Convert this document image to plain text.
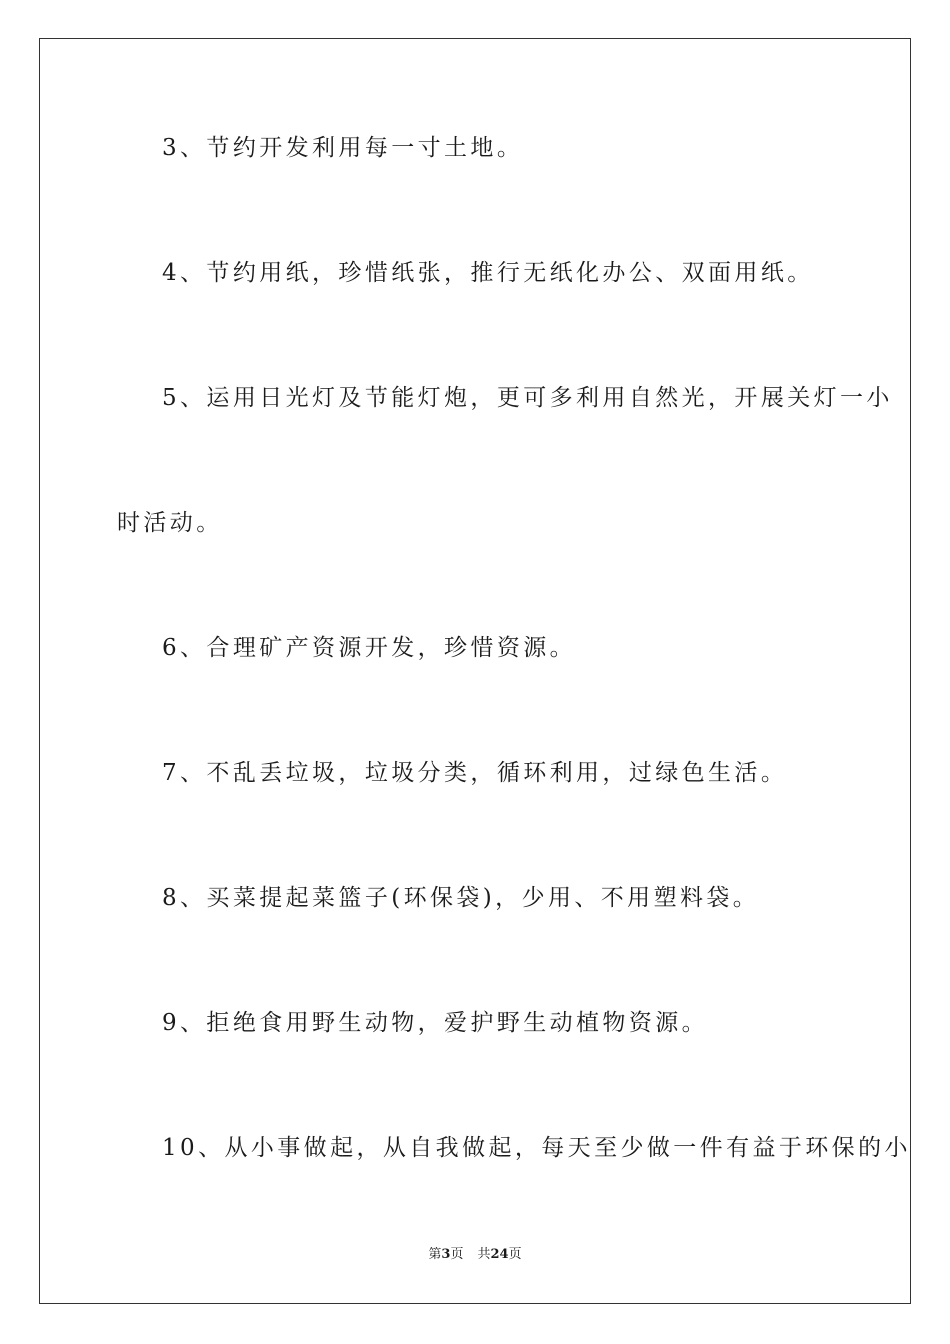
3、节约开发利用每一寸土地。
4、节约用纸，珍惜纸张，推行无纸化办公、双面用纸。
5、运用日光灯及节能灯炮，更可多利用自然光，开展关灯一小
时活动。
6、合理矿产资源开发，珍惜资源。
7、不乱丢垃圾，垃圾分类，循环利用，过绿色生活。
8、买菜提起菜篮子(环保袋)，少用、不用塑料袋。
9、拒绝食用野生动物，爱护野生动植物资源。
10、从小事做起，从自我做起，每天至少做一件有益于环保的小
第3页 共24页
